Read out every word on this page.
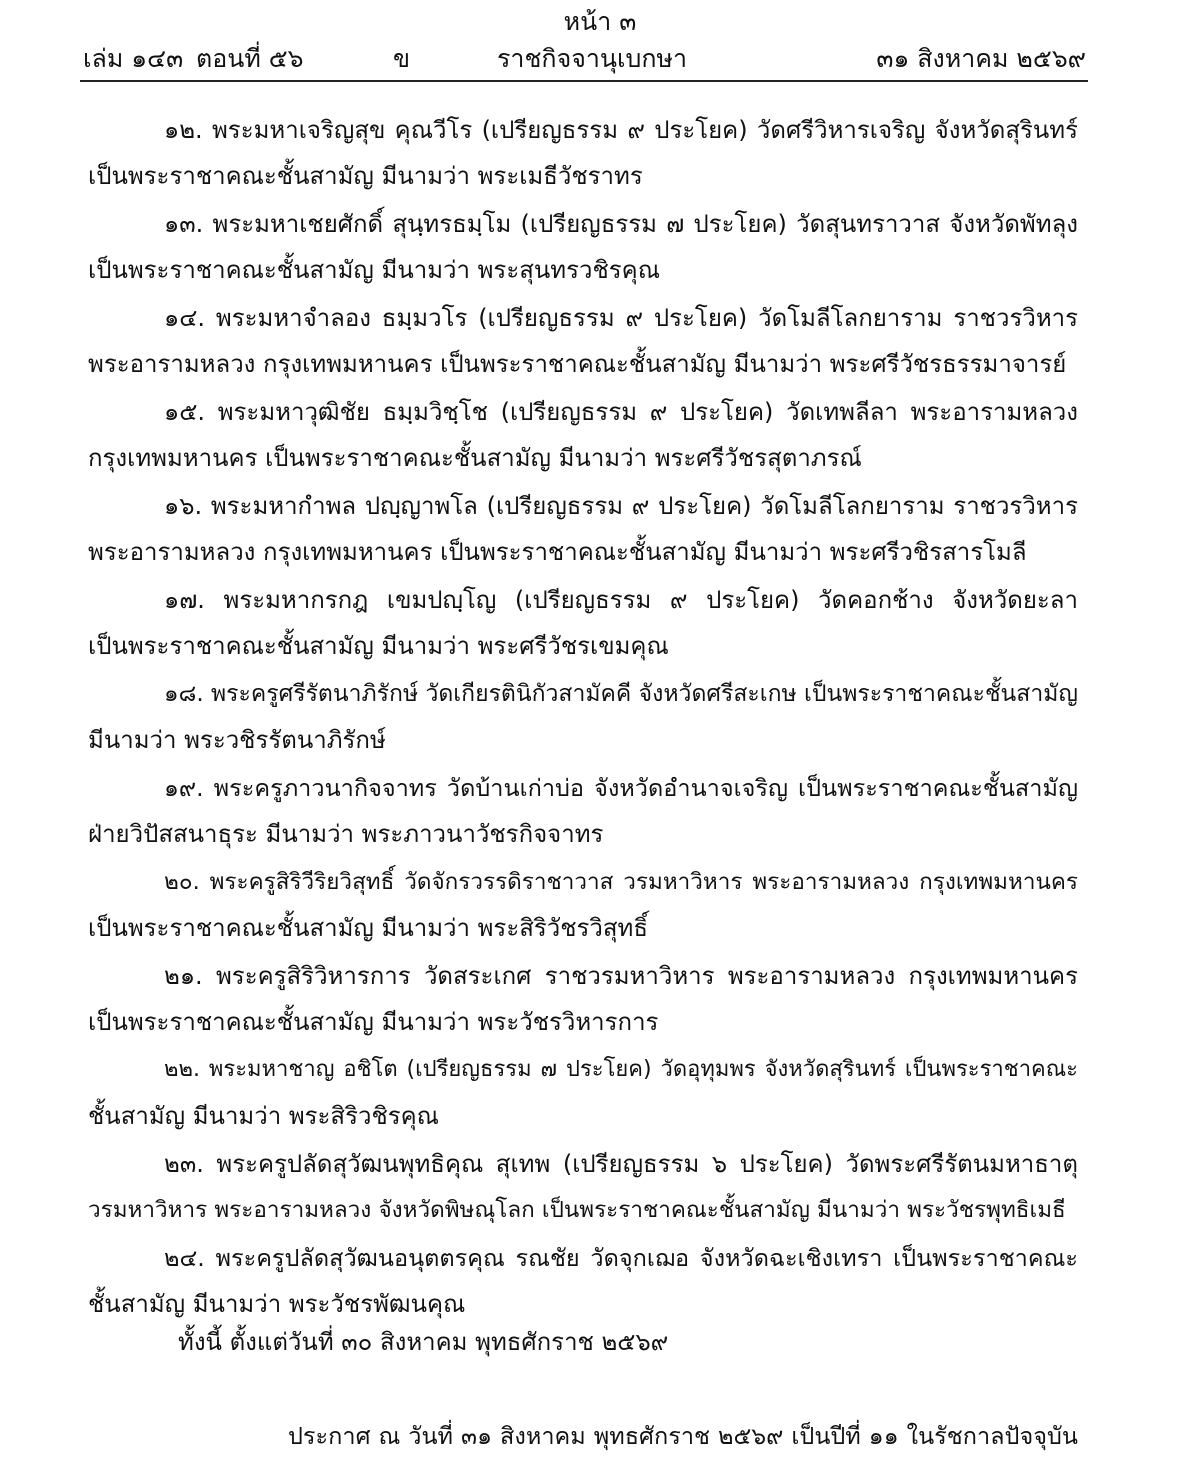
หน้า ๓
เล่ม ๑๔๓ ตอนที่ ๕๖	ข	ราชกิจจานุเบกษา	๓๑ สิงหาคม ๒๕๖๙
๑๒. พระมหาเจริญสุข คุณวีโร (เปรียญธรรม ๙ ประโยค) วัดศรีวิหารเจริญ จังหวัดสุรินทร์
เป็นพระราชาคณะชั้นสามัญ มีนามว่า พระเมธีวัชราทร
๑๓. พระมหาเชยศักดิ์ สุนฺทรธมฺโม (เปรียญธรรม ๗ ประโยค) วัดสุนทราวาส จังหวัดพัทลุง
เป็นพระราชาคณะชั้นสามัญ มีนามว่า พระสุนทรวชิรคุณ
๑๔. พระมหาจำลอง ธมฺมวโร (เปรียญธรรม ๙ ประโยค) วัดโมลีโลกยาราม ราชวรวิหาร
พระอารามหลวง กรุงเทพมหานคร เป็นพระราชาคณะชั้นสามัญ มีนามว่า พระศรีวัชรธรรมาจารย์
๑๕. พระมหาวุฒิชัย ธมฺมวิชฺโช (เปรียญธรรม ๙ ประโยค) วัดเทพลีลา พระอารามหลวง
กรุงเทพมหานคร เป็นพระราชาคณะชั้นสามัญ มีนามว่า พระศรีวัชรสุตาภรณ์
๑๖. พระมหากำพล ปญฺญาพโล (เปรียญธรรม ๙ ประโยค) วัดโมลีโลกยาราม ราชวรวิหาร
พระอารามหลวง กรุงเทพมหานคร เป็นพระราชาคณะชั้นสามัญ มีนามว่า พระศรีวชิรสารโมลี
๑๗. พระมหากรกฎ เขมปญฺโญ (เปรียญธรรม ๙ ประโยค) วัดคอกช้าง จังหวัดยะลา
เป็นพระราชาคณะชั้นสามัญ มีนามว่า พระศรีวัชรเขมคุณ
๑๘. พระครูศรีรัตนาภิรักษ์ วัดเกียรตินิกัวสามัคคี จังหวัดศรีสะเกษ เป็นพระราชาคณะชั้นสามัญ
มีนามว่า พระวชิรรัตนาภิรักษ์
๑๙. พระครูภาวนากิจจาทร วัดบ้านเก่าบ่อ จังหวัดอำนาจเจริญ เป็นพระราชาคณะชั้นสามัญ
ฝ่ายวิปัสสนาธุระ มีนามว่า พระภาวนาวัชรกิจจาทร
๒๐. พระครูสิริวีริยวิสุทธิ์ วัดจักรวรรดิราชาวาส วรมหาวิหาร พระอารามหลวง กรุงเทพมหานคร
เป็นพระราชาคณะชั้นสามัญ มีนามว่า พระสิริวัชรวิสุทธิ์
๒๑. พระครูสิริวิหารการ วัดสระเกศ ราชวรมหาวิหาร พระอารามหลวง กรุงเทพมหานคร
เป็นพระราชาคณะชั้นสามัญ มีนามว่า พระวัชรวิหารการ
๒๒. พระมหาชาญ อชิโต (เปรียญธรรม ๗ ประโยค) วัดอุทุมพร จังหวัดสุรินทร์ เป็นพระราชาคณะ
ชั้นสามัญ มีนามว่า พระสิริวชิรคุณ
๒๓. พระครูปลัดสุวัฒนพุทธิคุณ สุเทพ (เปรียญธรรม ๖ ประโยค) วัดพระศรีรัตนมหาธาตุ
วรมหาวิหาร พระอารามหลวง จังหวัดพิษณุโลก เป็นพระราชาคณะชั้นสามัญ มีนามว่า พระวัชรพุทธิเมธี
๒๔. พระครูปลัดสุวัฒนอนุตตรคุณ รณชัย วัดจุกเฌอ จังหวัดฉะเชิงเทรา เป็นพระราชาคณะ
ชั้นสามัญ มีนามว่า พระวัชรพัฒนคุณ
ทั้งนี้ ตั้งแต่วันที่ ๓๐ สิงหาคม พุทธศักราช ๒๕๖๙
ประกาศ ณ วันที่ ๓๑ สิงหาคม พุทธศักราช ๒๕๖๙ เป็นปีที่ ๑๑ ในรัชกาลปัจจุบัน
